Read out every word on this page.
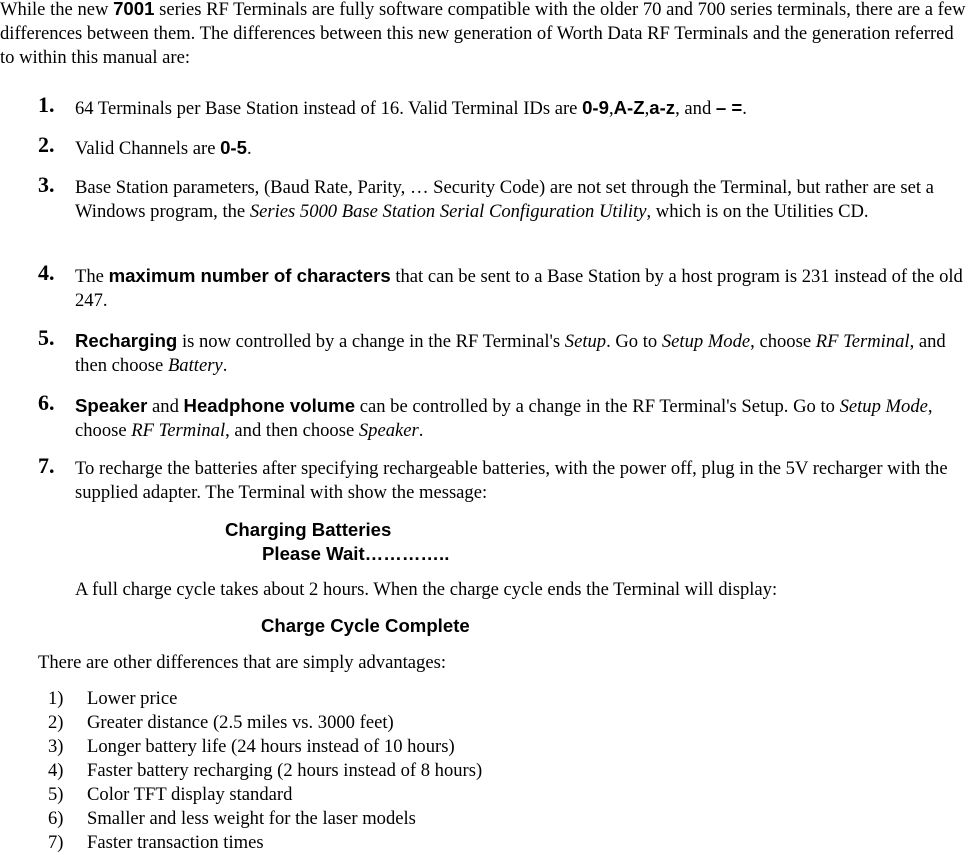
While the new 7001 series RF Terminals are fully software compatible with the older 70 and 700 series terminals, there are a few differences between them. The differences between this new generation of Worth Data RF Terminals and the generation referred to within this manual are:

1. 64 Terminals per Base Station instead of 16. Valid Terminal IDs are 0-9,A-Z,a-z, and – =.
2. Valid Channels are 0-5.
3. Base Station parameters, (Baud Rate, Parity, … Security Code) are not set through the Terminal, but rather are set a Windows program, the Series 5000 Base Station Serial Configuration Utility, which is on the Utilities CD.
4. The maximum number of characters that can be sent to a Base Station by a host program is 231 instead of the old 247.
5. Recharging is now controlled by a change in the RF Terminal's Setup. Go to Setup Mode, choose RF Terminal, and then choose Battery.
6. Speaker and Headphone volume can be controlled by a change in the RF Terminal's Setup. Go to Setup Mode, choose RF Terminal, and then choose Speaker.
7. To recharge the batteries after specifying rechargeable batteries, with the power off, plug in the 5V recharger with the supplied adapter. The Terminal with show the message:
Charging Batteries
Please Wait…………..
A full charge cycle takes about 2 hours. When the charge cycle ends the Terminal will display:
Charge Cycle Complete
There are other differences that are simply advantages:
1) Lower price
2) Greater distance (2.5 miles vs. 3000 feet)
3) Longer battery life (24 hours instead of 10 hours)
4) Faster battery recharging (2 hours instead of 8 hours)
5) Color TFT display standard
6) Smaller and less weight for the laser models
7) Faster transaction times
